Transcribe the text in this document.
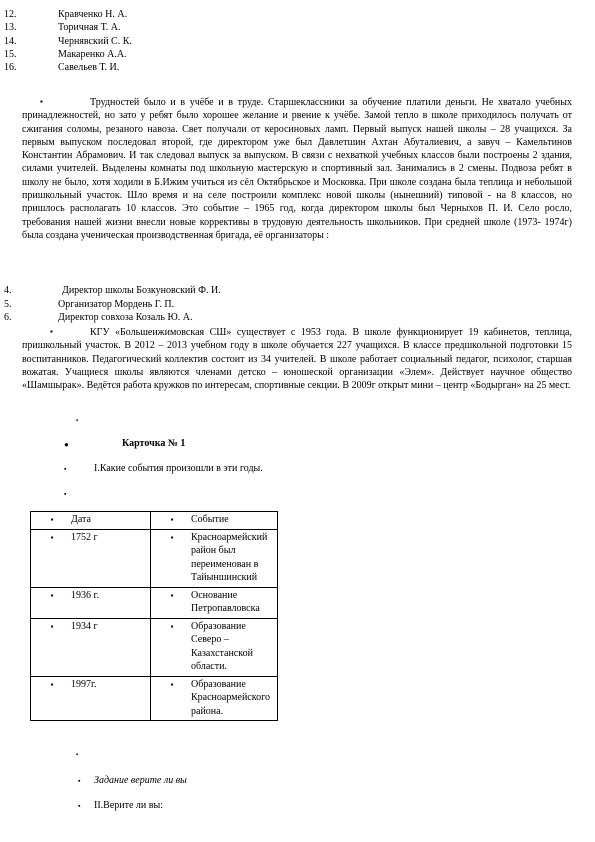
12.	Кравченко Н. А.
13.	Торичная Т. А.
14.	Чернявский С. К.
15.	Макаренко А.А.
16.	Савельев Т. И.
▪	Трудностей было и в учёбе и в труде. Старшеклассники за обучение платили деньги. Не хватало учебных принадлежностей, но зато у ребят было хорошее желание и рвение к учёбе. Замой тепло в школе приходилось получать от сжигания соломы, резаного навоза. Свет получали от керосиновых ламп. Первый выпуск нашей школы – 28 учащихся. За первым выпуском последовал второй, где директором уже был Давлетшин Ахтан Абуталиевич, а завуч – Камельтинов Константин Абрамович. И так следовал выпуск за выпуском. В связи с нехваткой учебных классов были построены 2 здания, силами учителей. Выделены комнаты под школьную мастерскую и спортивный зал. Занимались в 2 смены. Подвоза ребят в школу не было, хотя ходили в Б.Ижим учиться из сёл Октябрьское и Московка. При школе создана была теплица и небольшой пришкольный участок. Шло время и на селе построили комплекс новой школы (нынешний) типовой - на 8 классов, но пришлось располагать 10 классов. Это событие – 1965 год, когда директором школы был Черныхов П. И. Село росло, требования нашей жизни внесли новые коррективы в трудовую деятельность школьников. При средней школе (1973- 1974г) была создана ученическая производственная бригада, её организаторы :
4.	Директор школы Бозкуновский Ф. И.
5.	Организатор Мордень Г. П.
6.	Директор совхоза Козаль Ю. А.
▪	КГУ «Большеижимовская СШ» существует с 1953 года. В школе функционирует 19 кабинетов, теплица, пришкольный участок. В 2012 – 2013 учебном году в школе обучается 227 учащихся. В классе предшкольной подготовки 15 воспитанников. Педагогический коллектив состоит из 34 учителей. В школе работает социальный педагог, психолог, старшая вожатая. Учащиеся школы являются членами детско – юношеской организации «Элем». Действует научное общество «Шамшырак». Ведётся работа кружков по интересам, спортивные секции. В 2009г открыт мини – центр «Бодырган» на 25 мест.
▪
●	Карточка № 1
▪	I.Какие события произошли в эти годы.
▪
▪ Дата	▪ Событие

▪ 1752 г	▪ Красноармейский район был переименован в Тайыншинский

▪ 1936 г.	▪ Основание Петропавловска

▪ 1934 г	▪ Образование Северо – Казахстанской области.

▪ 1997г.	▪ Образование Красноармейского района.
▪
▪ Задание верите ли вы
▪ II.Верите ли вы:
